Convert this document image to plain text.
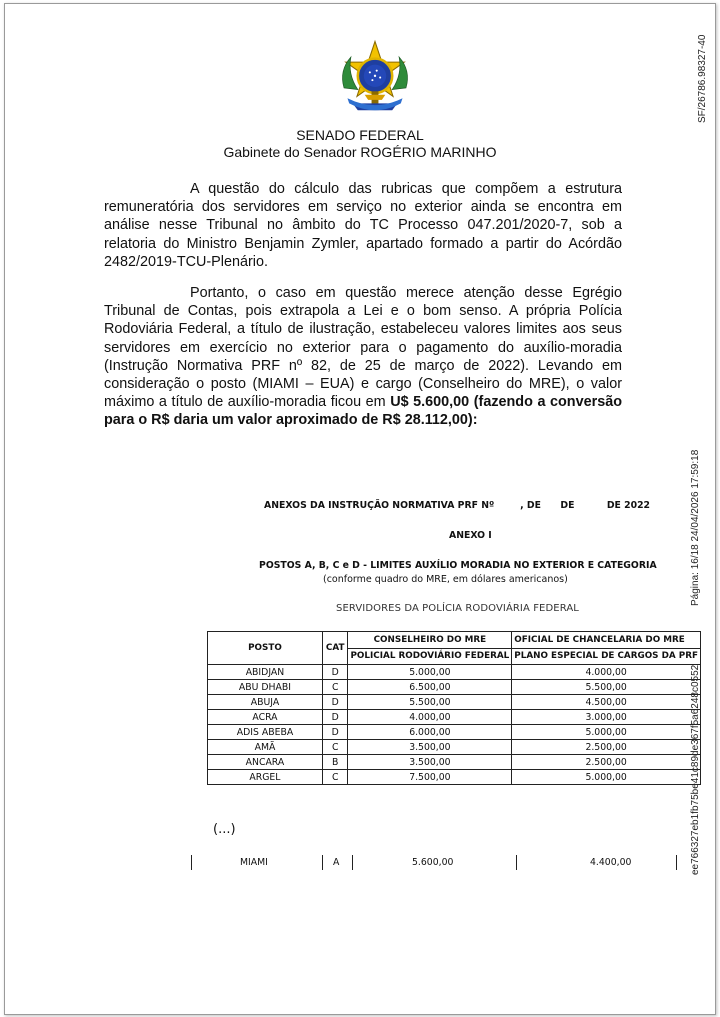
SENADO FEDERAL
Gabinete do Senador ROGÉRIO MARINHO
A questão do cálculo das rubricas que compõem a estrutura remuneratória dos servidores em serviço no exterior ainda se encontra em análise nesse Tribunal no âmbito do TC Processo 047.201/2020-7, sob a relatoria do Ministro Benjamin Zymler, apartado formado a partir do Acórdão 2482/2019-TCU-Plenário.
Portanto, o caso em questão merece atenção desse Egrégio Tribunal de Contas, pois extrapola a Lei e o bom senso. A própria Polícia Rodoviária Federal, a título de ilustração, estabeleceu valores limites aos seus servidores em exercício no exterior para o pagamento do auxílio-moradia (Instrução Normativa PRF nº 82, de 25 de março de 2022). Levando em consideração o posto (MIAMI – EUA) e cargo (Conselheiro do MRE), o valor máximo a título de auxílio-moradia ficou em U$ 5.600,00 (fazendo a conversão para o R$ daria um valor aproximado de R$ 28.112,00):
SF/26786.98327-40
Página: 16/18 24/04/2026 17:59:18
ee766327eb1fb75be41c89de367f5a6248c0552
ANEXOS DA INSTRUÇÃO NORMATIVA PRF Nº        , DE      DE          DE 2022
ANEXO I
POSTOS A, B, C e D - LIMITES AUXÍLIO MORADIA NO EXTERIOR E CATEGORIA
(conforme quadro do MRE, em dólares americanos)
SERVIDORES DA POLÍCIA RODOVIÁRIA FEDERAL
POSTO	CAT	CONSELHEIRO DO MRE	OFICIAL DE CHANCELARIA DO MRE
		POLICIAL RODOVIÁRIO FEDERAL	PLANO ESPECIAL DE CARGOS DA PRF
ABIDJAN	D	5.000,00	4.000,00
ABU DHABI	C	6.500,00	5.500,00
ABUJA	D	5.500,00	4.500,00
ACRA	D	4.000,00	3.000,00
ADIS ABEBA	D	6.000,00	5.000,00
AMÃ	C	3.500,00	2.500,00
ANCARA	B	3.500,00	2.500,00
ARGEL	C	7.500,00	5.000,00
(...)
MIAMI	A	5.600,00	4.400,00
